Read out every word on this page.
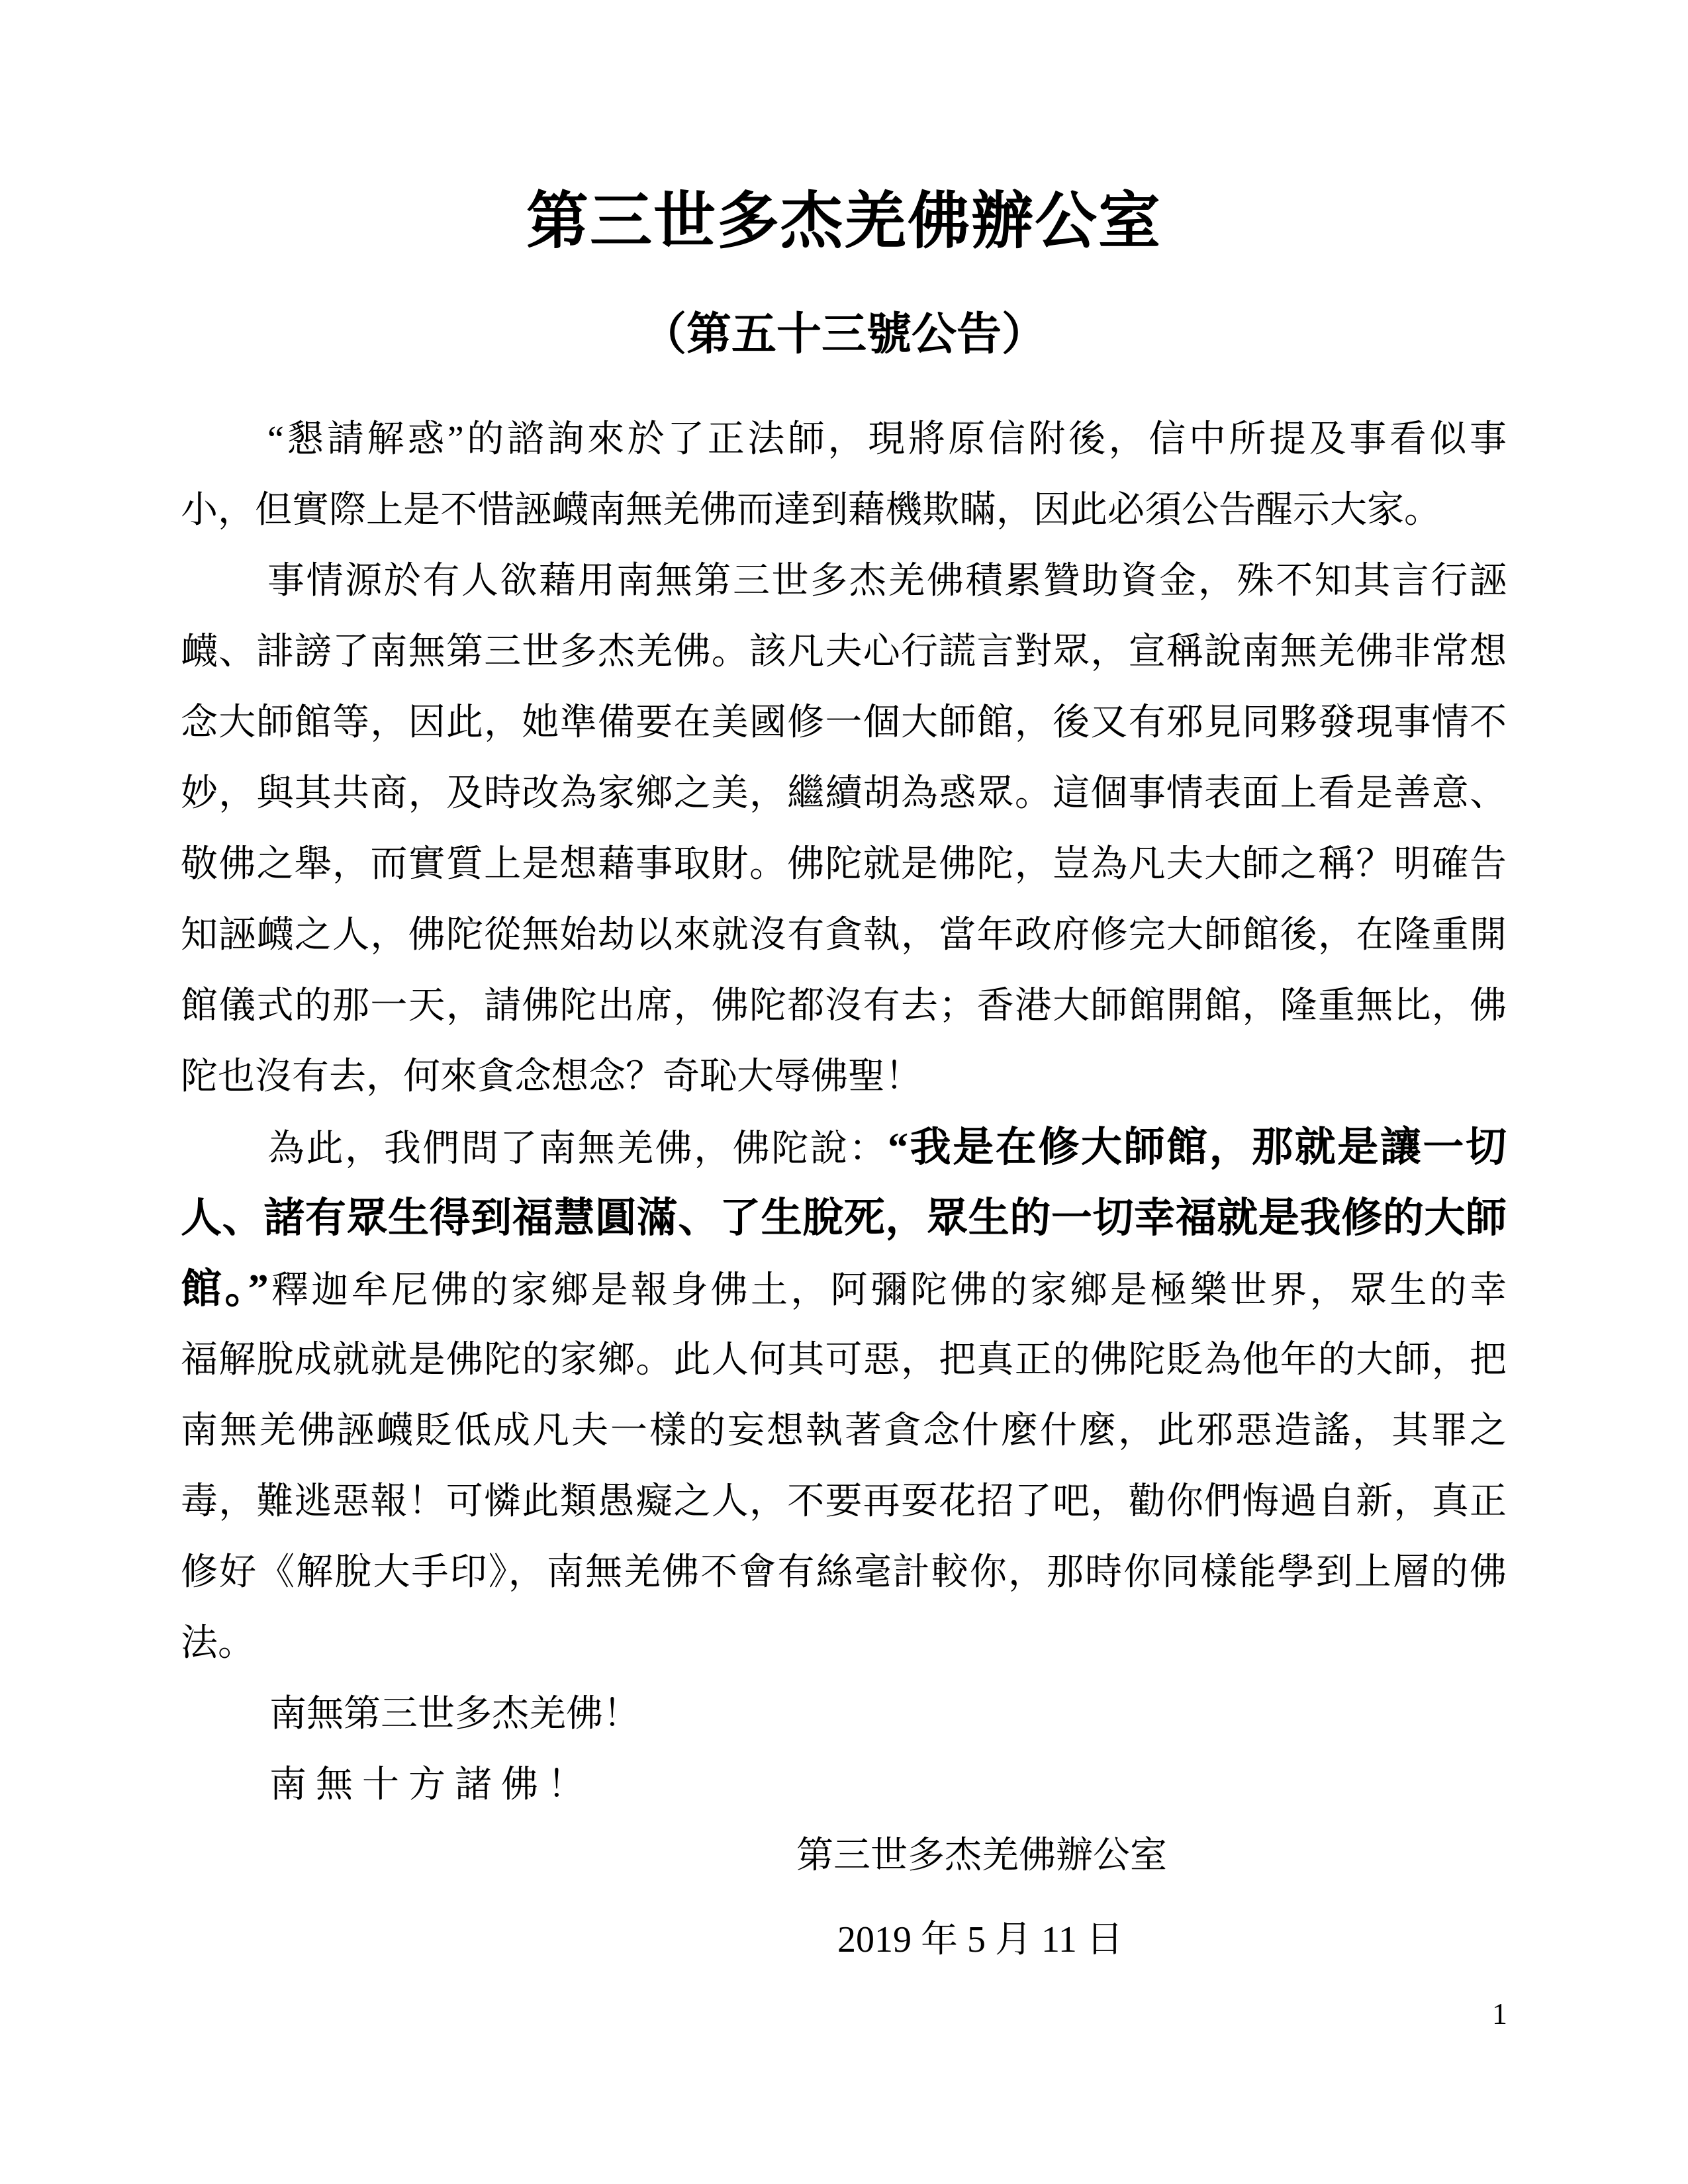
第三世多杰羌佛辦公室
（第五十三號公告）
“懇請解惑”的諮詢來於了正法師，現將原信附後，信中所提及事看似事
小，但實際上是不惜誣衊南無羌佛而達到藉機欺瞞，因此必須公告醒示大家。
事情源於有人欲藉用南無第三世多杰羌佛積累贊助資金，殊不知其言行誣
衊、誹謗了南無第三世多杰羌佛。該凡夫心行謊言對眾，宣稱說南無羌佛非常想
念大師館等，因此，她準備要在美國修一個大師館，後又有邪見同夥發現事情不
妙，與其共商，及時改為家鄉之美，繼續胡為惑眾。這個事情表面上看是善意、
敬佛之舉，而實質上是想藉事取財。佛陀就是佛陀，豈為凡夫大師之稱？明確告
知誣衊之人，佛陀從無始劫以來就沒有貪執，當年政府修完大師館後，在隆重開
館儀式的那一天，請佛陀出席，佛陀都沒有去；香港大師館開館，隆重無比，佛
陀也沒有去，何來貪念想念？奇恥大辱佛聖！
為此，我們問了南無羌佛，佛陀說：“我是在修大師館，那就是讓一切
人、諸有眾生得到福慧圓滿、了生脫死，眾生的一切幸福就是我修的大師
館。”釋迦牟尼佛的家鄉是報身佛土，阿彌陀佛的家鄉是極樂世界，眾生的幸
福解脫成就就是佛陀的家鄉。此人何其可惡，把真正的佛陀貶為他年的大師，把
南無羌佛誣衊貶低成凡夫一樣的妄想執著貪念什麼什麼，此邪惡造謠，其罪之
毒，難逃惡報！可憐此類愚癡之人，不要再耍花招了吧，勸你們悔過自新，真正
修好《解脫大手印》，南無羌佛不會有絲毫計較你，那時你同樣能學到上層的佛
法。
南無第三世多杰羌佛！
南無十方諸佛！
第三世多杰羌佛辦公室
2019 年 5 月 11 日
1
